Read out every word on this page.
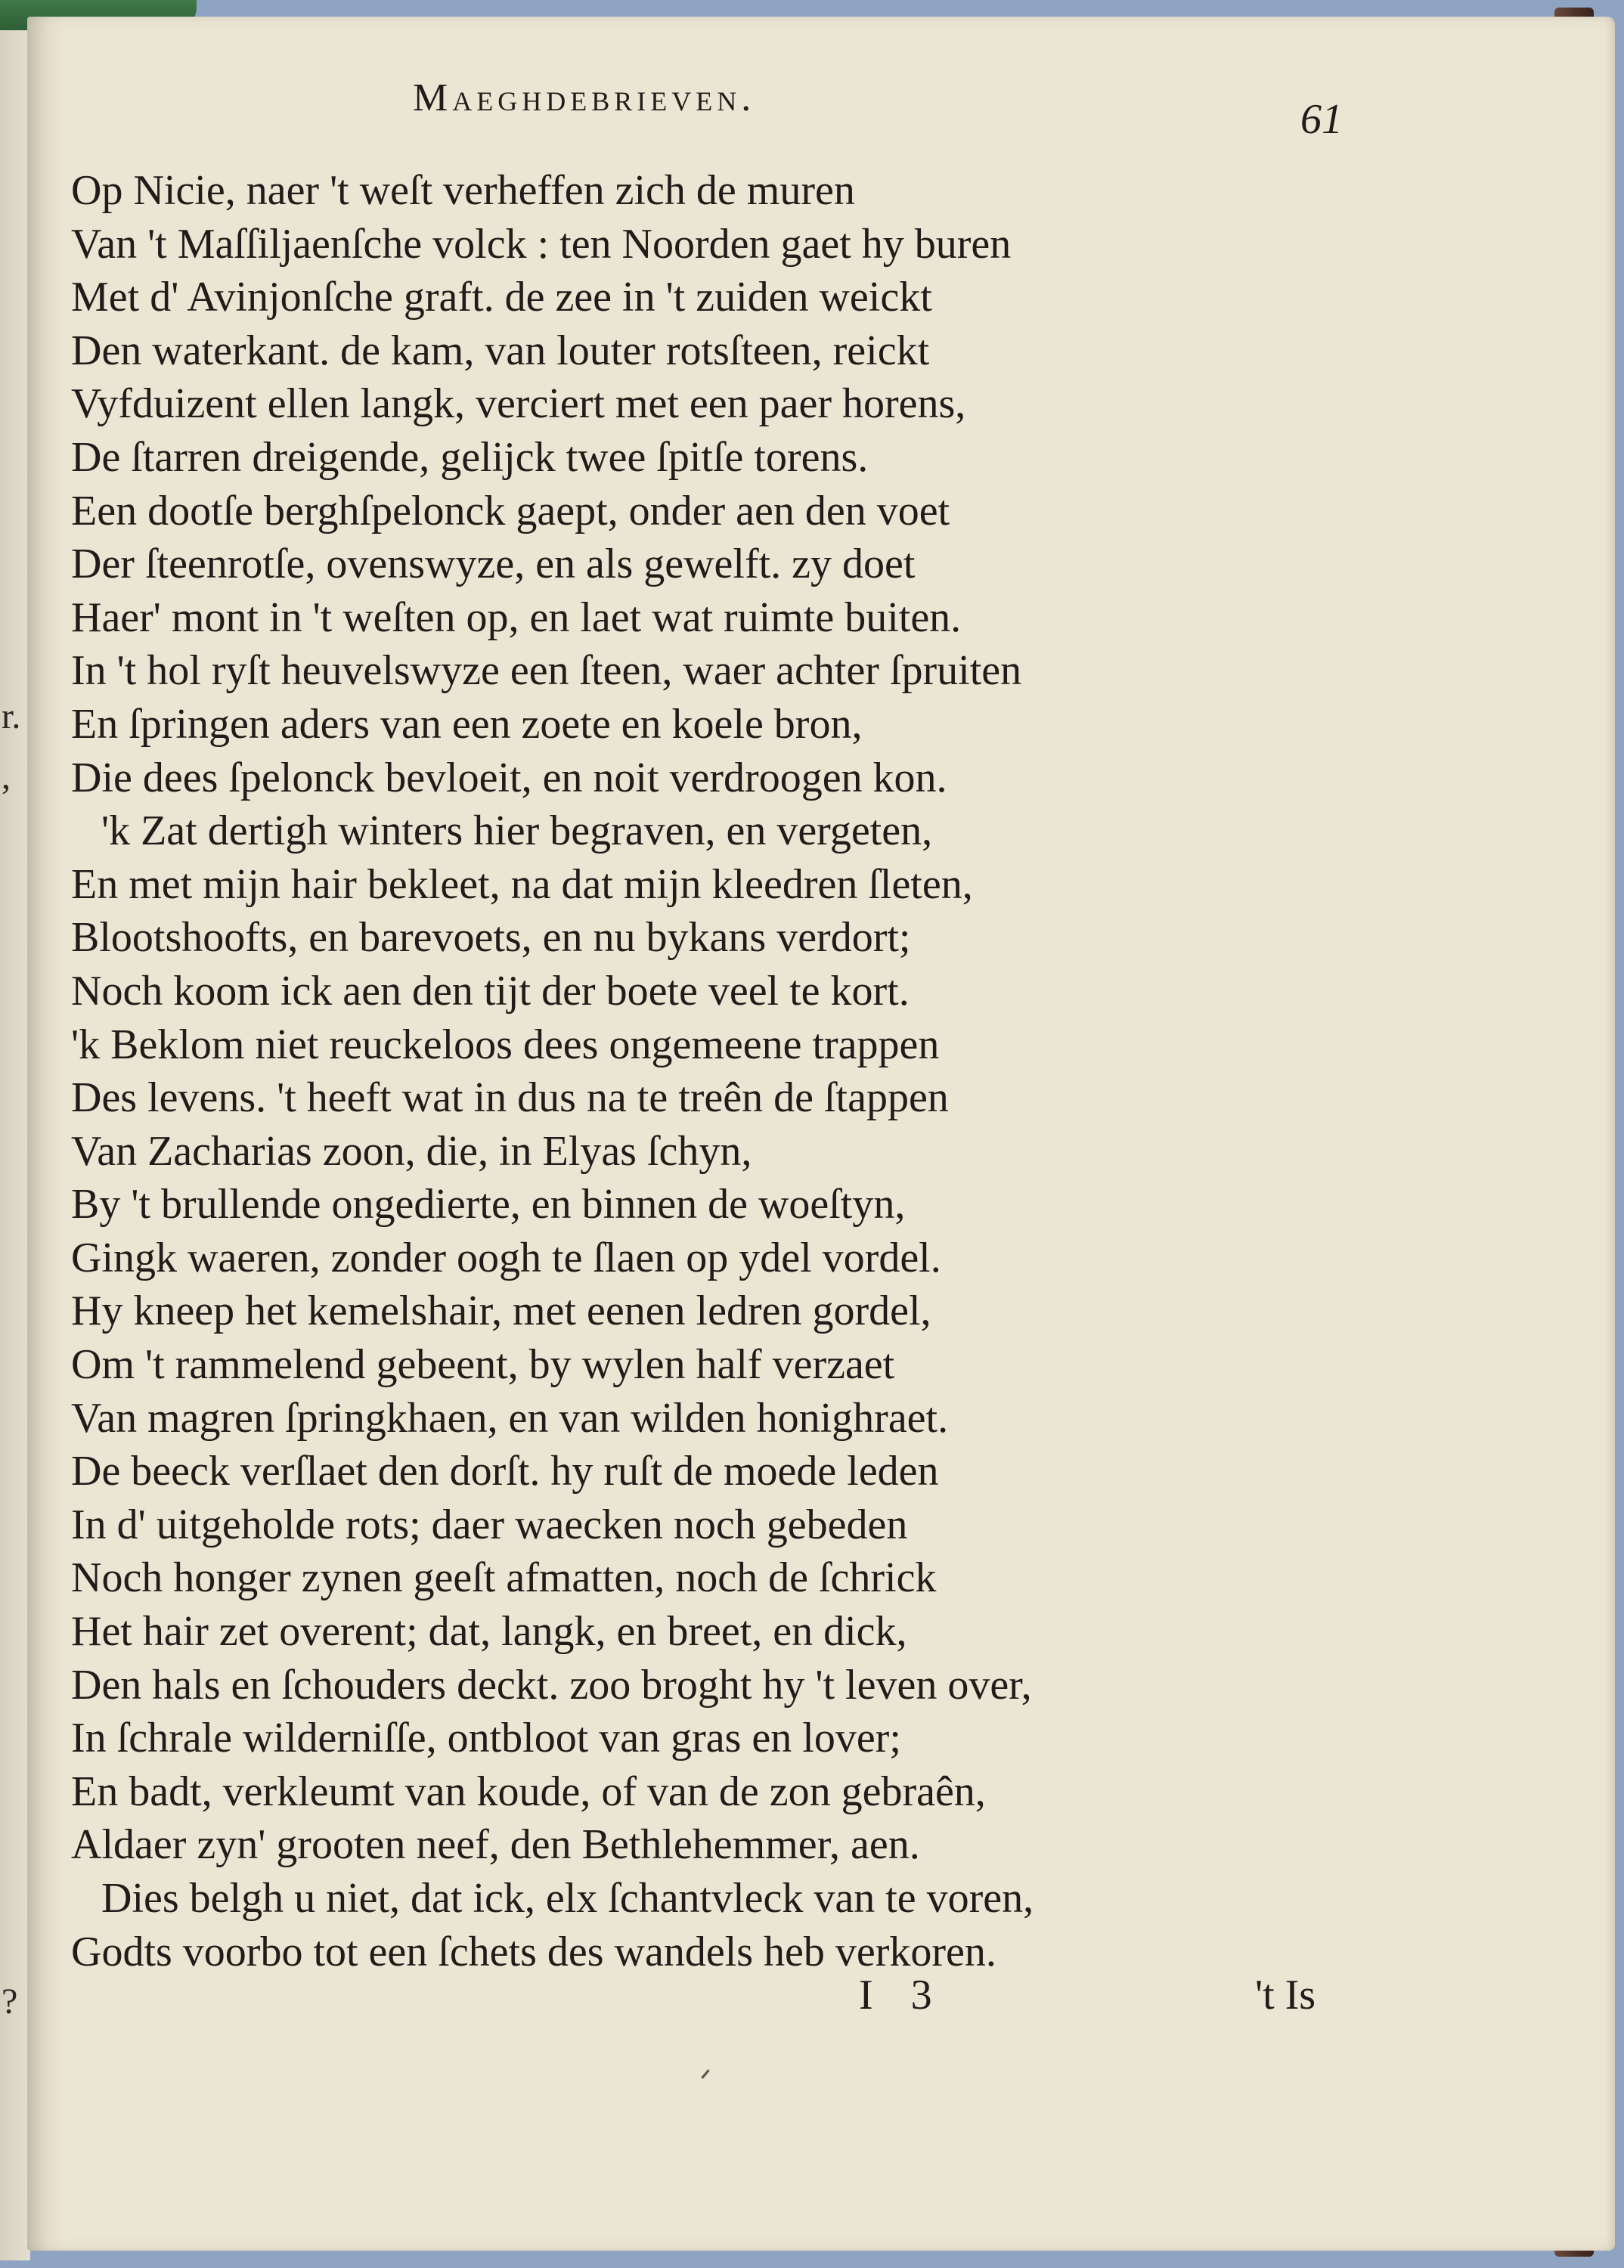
r.
,
?
Maeghdebrieven.	61
Op Nicie, naer 't weſt verheffen zich de muren
Van 't Maſſiljaenſche volck : ten Noorden gaet hy buren
Met d' Avinjonſche graft. de zee in 't zuiden weickt
Den waterkant. de kam, van louter rotsſteen, reickt
Vyfduizent ellen langk, verciert met een paer horens,
De ſtarren dreigende, gelijck twee ſpitſe torens.
Een dootſe berghſpelonck gaept, onder aen den voet
Der ſteenrotſe, ovenswyze, en als gewelft. zy doet
Haer' mont in 't weſten op, en laet wat ruimte buiten.
In 't hol ryſt heuvelswyze een ſteen, waer achter ſpruiten
En ſpringen aders van een zoete en koele bron,
Die dees ſpelonck bevloeit, en noit verdroogen kon.
'k Zat dertigh winters hier begraven, en vergeten,
En met mijn hair bekleet, na dat mijn kleedren ſleten,
Blootshoofts, en barevoets, en nu bykans verdort;
Noch koom ick aen den tijt der boete veel te kort.
'k Beklom niet reuckeloos dees ongemeene trappen
Des levens. 't heeft wat in dus na te treên de ſtappen
Van Zacharias zoon, die, in Elyas ſchyn,
By 't brullende ongedierte, en binnen de woeſtyn,
Gingk waeren, zonder oogh te ſlaen op ydel vordel.
Hy kneep het kemelshair, met eenen ledren gordel,
Om 't rammelend gebeent, by wylen half verzaet
Van magren ſpringkhaen, en van wilden honighraet.
De beeck verſlaet den dorſt. hy ruſt de moede leden
In d' uitgeholde rots; daer waecken noch gebeden
Noch honger zynen geeſt afmatten, noch de ſchrick
Het hair zet overent; dat, langk, en breet, en dick,
Den hals en ſchouders deckt. zoo broght hy 't leven over,
In ſchrale wilderniſſe, ontbloot van gras en lover;
En badt, verkleumt van koude, of van de zon gebraên,
Aldaer zyn' grooten neef, den Bethlehemmer, aen.
Dies belgh u niet, dat ick, elx ſchantvleck van te voren,
Godts voorbo tot een ſchets des wandels heb verkoren.
I 3	't Is
